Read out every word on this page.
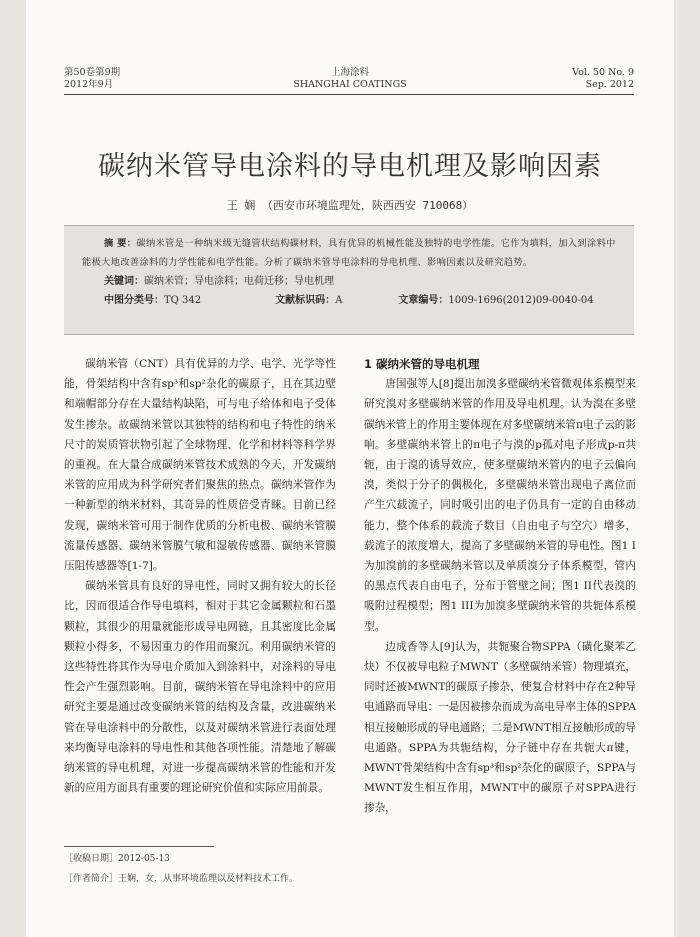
第50卷第9期
2012年9月
上海涂料
SHANGHAI COATINGS
Vol. 50 No. 9
Sep. 2012
碳纳米管导电涂料的导电机理及影响因素
王 娴 （西安市环境监理处，陕西西安 710068）
摘 要：碳纳米管是一种纳米级无缝管状结构碳材料，具有优异的机械性能及独特的电学性能。它作为填料，加入到涂料中能极大地改善涂料的力学性能和电学性能。分析了碳纳米管导电涂料的导电机理、影响因素以及研究趋势。
关键词：碳纳米管；导电涂料；电荷迁移；导电机理
中图分类号：TQ 342	文献标识码：A	文章编号：1009-1696(2012)09-0040-04

碳纳米管（CNT）具有优异的力学、电学、光学等性能，骨架结构中含有sp³和sp²杂化的碳原子，且在其边壁和端帽部分存在大量结构缺陷，可与电子给体和电子受体发生掺杂。故碳纳米管以其独特的结构和电子特性的纳米尺寸的炭质管状物引起了全球物理、化学和材料等科学界的重视。在大量合成碳纳米管技术成熟的今天，开发碳纳米管的应用成为科学研究者们聚焦的热点。碳纳米管作为一种新型的纳米材料，其奇异的性质倍受青睐。目前已经发现，碳纳米管可用于制作优质的分析电极、碳纳米管膜流量传感器、碳纳米管膜气敏和湿敏传感器、碳纳米管膜压阻传感器等[1-7]。

碳纳米管具有良好的导电性，同时又拥有较大的长径比，因而很适合作导电填料，相对于其它金属颗粒和石墨颗粒，其很少的用量就能形成导电网链，且其密度比金属颗粒小得多，不易因重力的作用而聚沉。利用碳纳米管的这些特性将其作为导电介质加入到涂料中，对涂料的导电性会产生强烈影响。目前，碳纳米管在导电涂料中的应用研究主要是通过改变碳纳米管的结构及含量，改进碳纳米管在导电涂料中的分散性，以及对碳纳米管进行表面处理来均衡导电涂料的导电性和其他各项性能。清楚地了解碳纳米管的导电机理，对进一步提高碳纳米管的性能和开发新的应用方面具有重要的理论研究价值和实际应用前景。

1 碳纳米管的导电机理

唐国强等人[8]提出加溴多壁碳纳米管微观体系模型来研究溴对多壁碳纳米管的作用及导电机理。认为溴在多壁碳纳米管上的作用主要体现在对多壁碳纳米管π电子云的影响。多壁碳纳米管上的π电子与溴的p孤对电子形成p-π共轭，由于溴的诱导效应，使多壁碳纳米管内的电子云偏向溴，类似于分子的偶极化，多壁碳纳米管出现电子离位而产生穴载流子，同时吸引出的电子仍具有一定的自由移动能力，整个体系的载流子数目（自由电子与空穴）增多，载流子的浓度增大，提高了多壁碳纳米管的导电性。图1 I为加溴前的多壁碳纳米管以及单质溴分子体系模型，管内的黑点代表自由电子，分布于管壁之间；图1 II代表溴的吸附过程模型；图1 III为加溴多壁碳纳米管的共轭体系模型。

边成香等人[9]认为，共轭聚合物SPPA（磺化聚苯乙炔）不仅被导电粒子MWNT（多壁碳纳米管）物理填充，同时还被MWNT的碳原子掺杂，使复合材料中存在2种导电通路而导电：一是因被掺杂而成为高电导率主体的SPPA相互接触形成的导电通路；二是MWNT相互接触形成的导电通路。SPPA为共轭结构，分子链中存在共轭大π键，MWNT骨架结构中含有sp³和sp²杂化的碳原子，SPPA与MWNT发生相互作用，MWNT中的碳原子对SPPA进行掺杂，

［收稿日期］2012-05-13
［作者简介］王娴，女，从事环境监理以及材料技术工作。
